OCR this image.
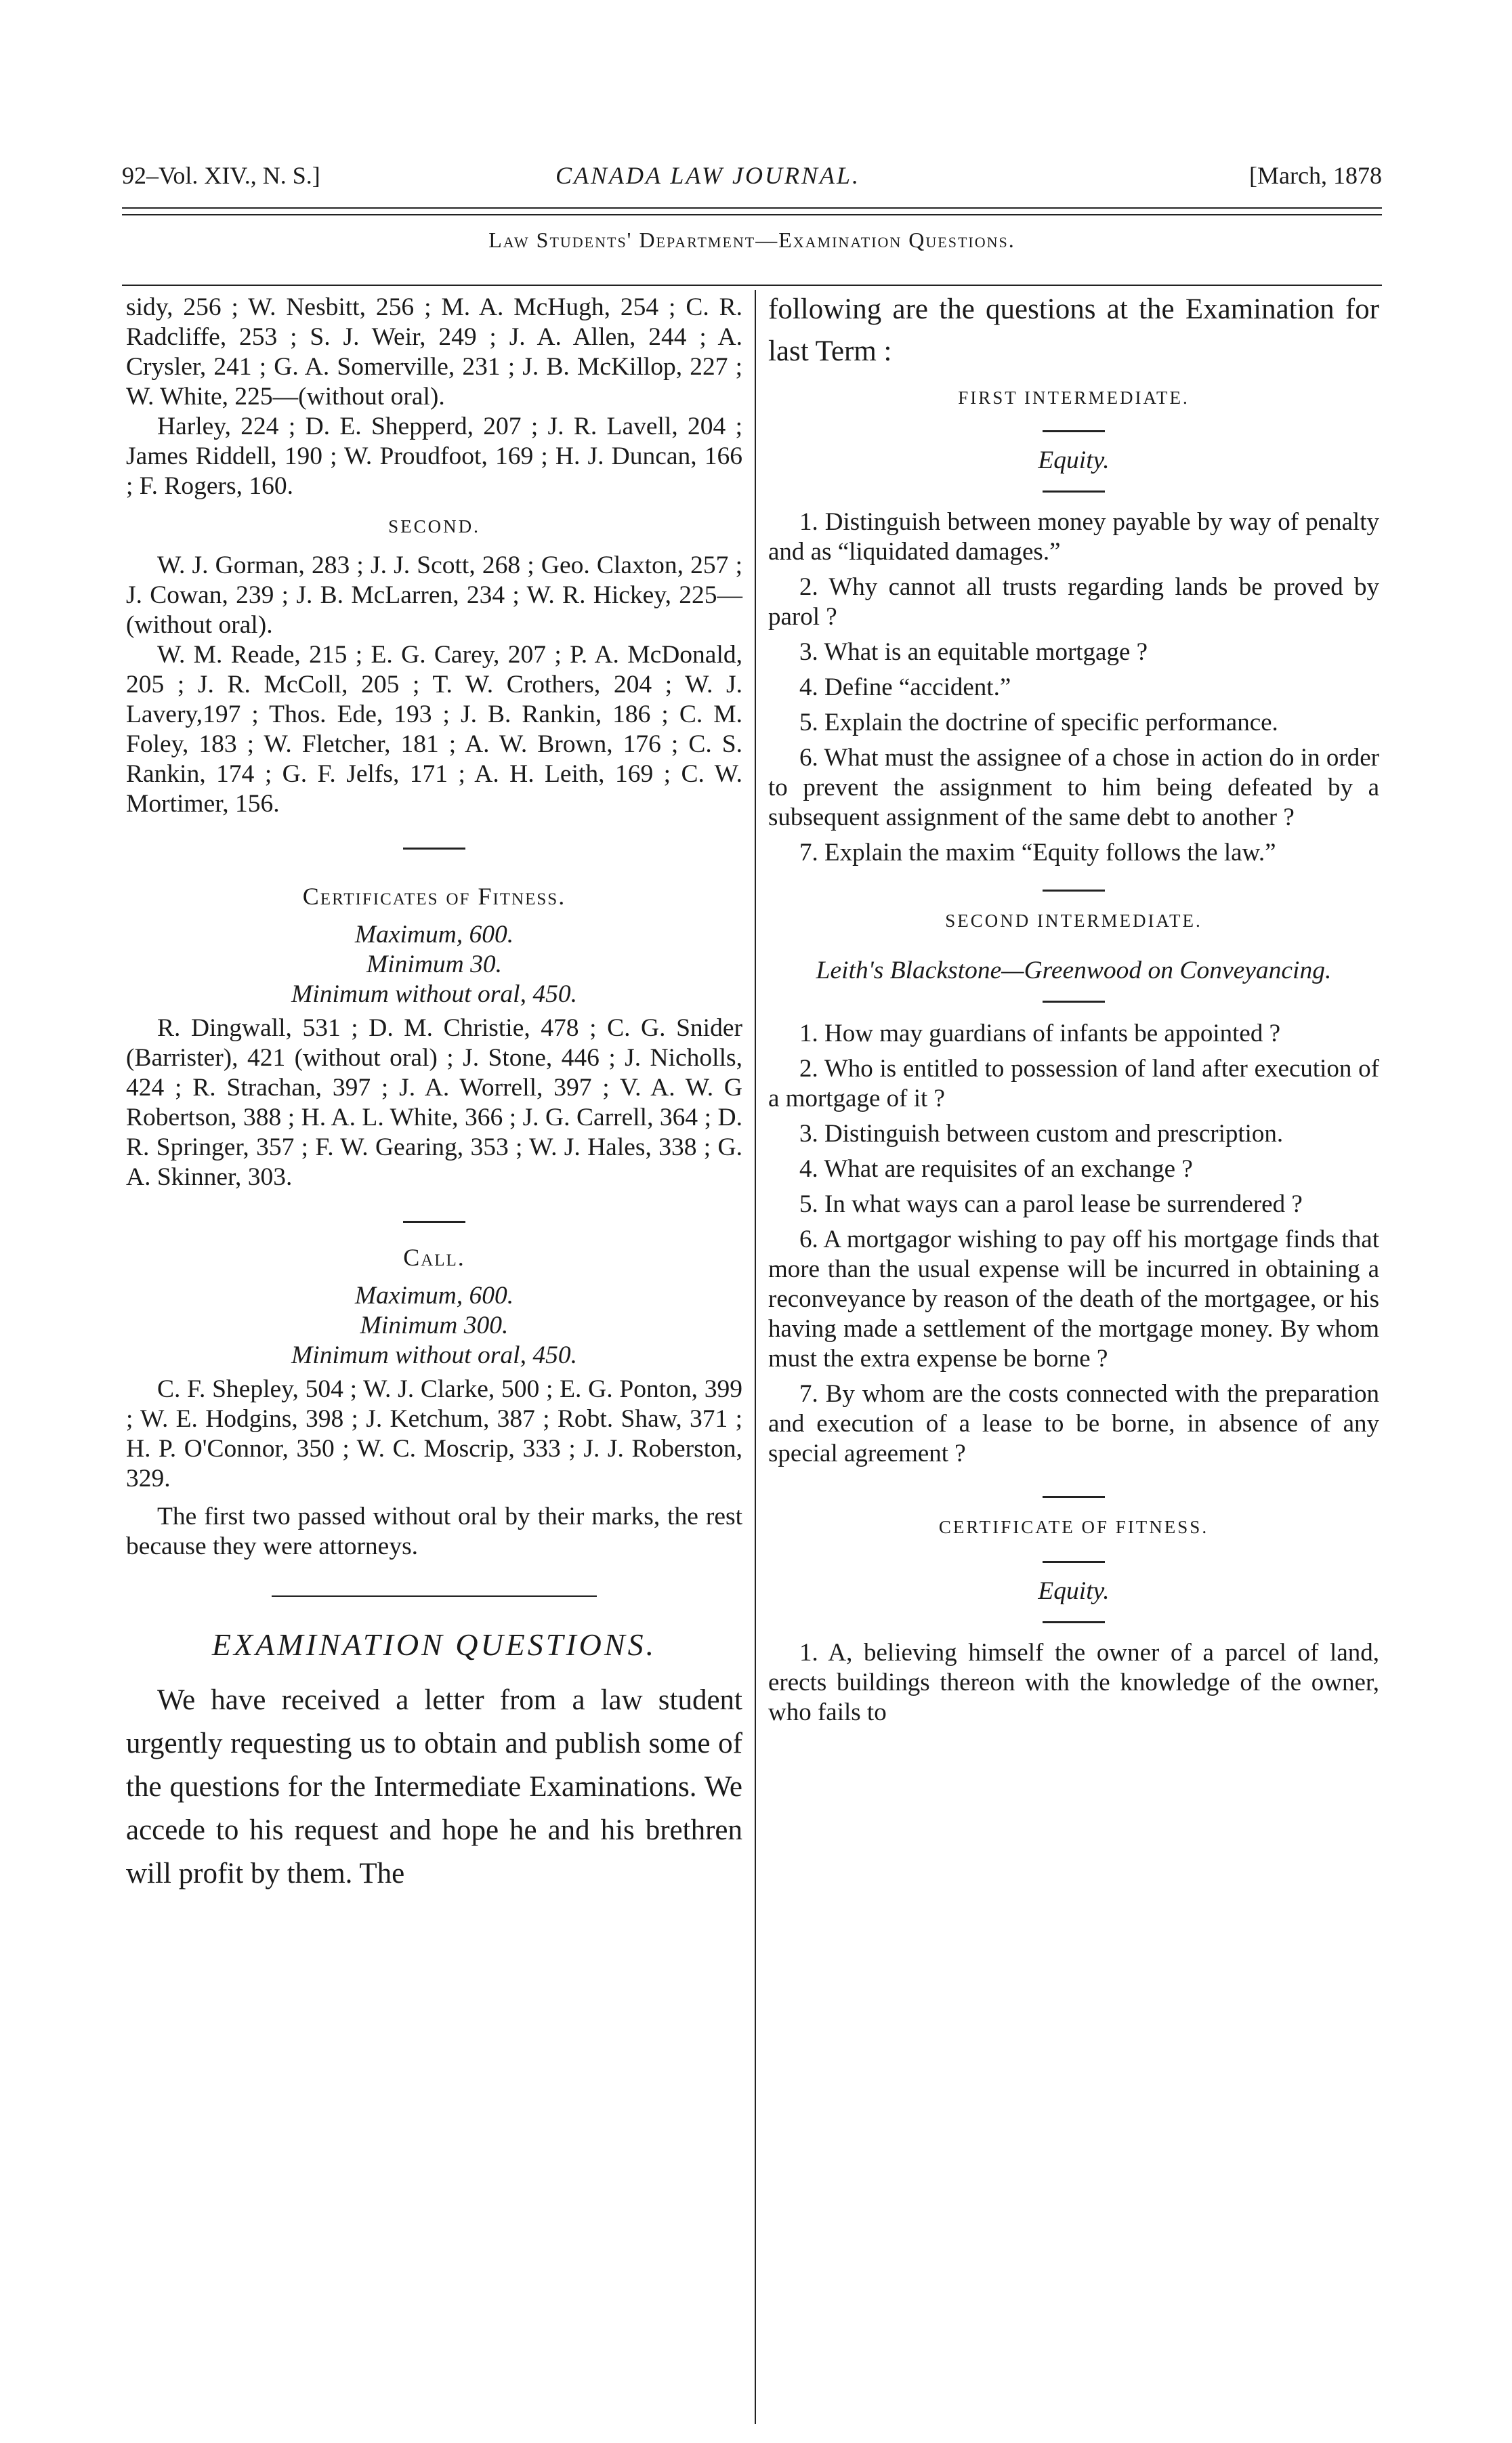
92–Vol. XIV., N. S.]	CANADA LAW JOURNAL.	[March, 1878
Law Students' Department—Examination Questions.

sidy, 256 ; W. Nesbitt, 256 ; M. A. McHugh, 254 ; C. R. Radcliffe, 253 ; S. J. Weir, 249 ; J. A. Allen, 244 ; A. Crysler, 241 ; G. A. Somerville, 231 ; J. B. McKillop, 227 ; W. White, 225—(without oral).

Harley, 224 ; D. E. Shepperd, 207 ; J. R. Lavell, 204 ; James Riddell, 190 ; W. Proudfoot, 169 ; H. J. Duncan, 166 ; F. Rogers, 160.

SECOND.

W. J. Gorman, 283 ; J. J. Scott, 268 ; Geo. Claxton, 257 ; J. Cowan, 239 ; J. B. McLarren, 234 ; W. R. Hickey, 225—(without oral).

W. M. Reade, 215 ; E. G. Carey, 207 ; P. A. McDonald, 205 ; J. R. McColl, 205 ; T. W. Crothers, 204 ; W. J. Lavery,197 ; Thos. Ede, 193 ; J. B. Rankin, 186 ; C. M. Foley, 183 ; W. Fletcher, 181 ; A. W. Brown, 176 ; C. S. Rankin, 174 ; G. F. Jelfs, 171 ; A. H. Leith, 169 ; C. W. Mortimer, 156.

Certificates of Fitness.

Maximum, 600.

Minimum 30.

Minimum without oral, 450.

R. Dingwall, 531 ; D. M. Christie, 478 ; C. G. Snider (Barrister), 421 (without oral) ; J. Stone, 446 ; J. Nicholls, 424 ; R. Strachan, 397 ; J. A. Worrell, 397 ; V. A. W. G Robertson, 388 ; H. A. L. White, 366 ; J. G. Carrell, 364 ; D. R. Springer, 357 ; F. W. Gearing, 353 ; W. J. Hales, 338 ; G. A. Skinner, 303.

Call.

Maximum, 600.

Minimum 300.

Minimum without oral, 450.

C. F. Shepley, 504 ; W. J. Clarke, 500 ; E. G. Ponton, 399 ; W. E. Hodgins, 398 ; J. Ketchum, 387 ; Robt. Shaw, 371 ; H. P. O'Connor, 350 ; W. C. Moscrip, 333 ; J. J. Roberston, 329.

The first two passed without oral by their marks, the rest because they were attorneys.

EXAMINATION QUESTIONS.

We have received a letter from a law student urgently requesting us to obtain and publish some of the questions for the Intermediate Examinations. We accede to his request and hope he and his brethren will profit by them. The

following are the questions at the Examination for last Term :

FIRST INTERMEDIATE.

Equity.

1. Distinguish between money payable by way of penalty and as “liquidated damages.”

2. Why cannot all trusts regarding lands be proved by parol ?

3. What is an equitable mortgage ?

4. Define “accident.”

5. Explain the doctrine of specific performance.

6. What must the assignee of a chose in action do in order to prevent the assignment to him being defeated by a subsequent assignment of the same debt to another ?

7. Explain the maxim “Equity follows the law.”

SECOND INTERMEDIATE.

Leith's Blackstone—Greenwood on Conveyancing.

1. How may guardians of infants be appointed ?

2. Who is entitled to possession of land after execution of a mortgage of it ?

3. Distinguish between custom and prescription.

4. What are requisites of an exchange ?

5. In what ways can a parol lease be surrendered ?

6. A mortgagor wishing to pay off his mortgage finds that more than the usual expense will be incurred in obtaining a reconveyance by reason of the death of the mortgagee, or his having made a settlement of the mortgage money. By whom must the extra expense be borne ?

7. By whom are the costs connected with the preparation and execution of a lease to be borne, in absence of any special agreement ?

CERTIFICATE OF FITNESS.

Equity.

1. A, believing himself the owner of a parcel of land, erects buildings thereon with the knowledge of the owner, who fails to
